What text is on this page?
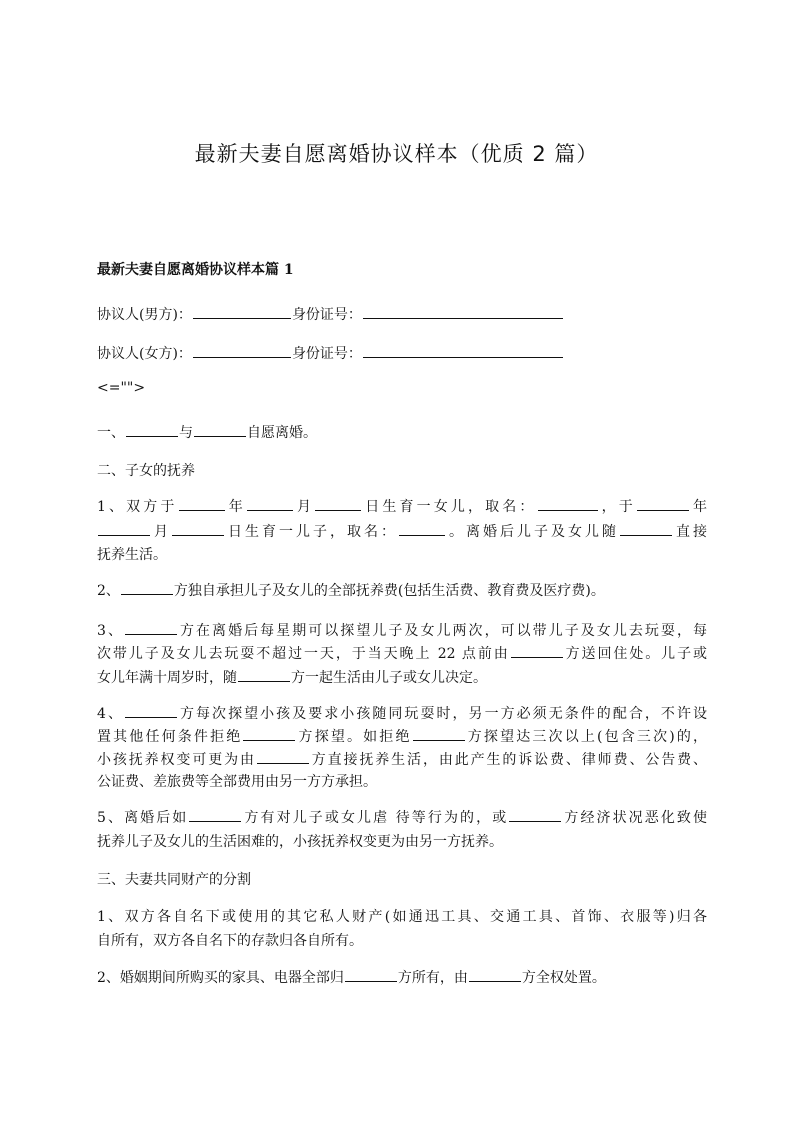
最新夫妻自愿离婚协议样本（优质 2 篇）
最新夫妻自愿离婚协议样本篇 1
协议人(男方)：	身份证号：
协议人(女方)：	身份证号：
<="">
一、	与	自愿离婚。
二、子女的抚养
1、双方于	年	月	日生育一女儿，取名：	，于	年
月	日生育一儿子，取名：	。离婚后儿子及女儿随	直接
抚养生活。
2、	方独自承担儿子及女儿的全部抚养费(包括生活费、教育费及医疗费)。
3、	方在离婚后每星期可以探望儿子及女儿两次，可以带儿子及女儿去玩耍，每
次带儿子及女儿去玩耍不超过一天，于当天晚上 22 点前由	方送回住处。儿子或
女儿年满十周岁时，随	方一起生活由儿子或女儿决定。
4、	方每次探望小孩及要求小孩随同玩耍时，另一方必须无条件的配合，不许设
置其他任何条件拒绝	方探望。如拒绝	方探望达三次以上(包含三次)的，
小孩抚养权变可更为由	方直接抚养生活，由此产生的诉讼费、律师费、公告费、
公证费、差旅费等全部费用由另一方方承担。
5、离婚后如	方有对儿子或女儿虐 待等行为的，或	方经济状况恶化致使
抚养儿子及女儿的生活困难的，小孩抚养权变更为由另一方抚养。
三、夫妻共同财产的分割
1、双方各自名下或使用的其它私人财产(如通迅工具、交通工具、首饰、衣服等)归各
自所有，双方各自名下的存款归各自所有。
2、婚姻期间所购买的家具、电器全部归	方所有，由	方全权处置。
